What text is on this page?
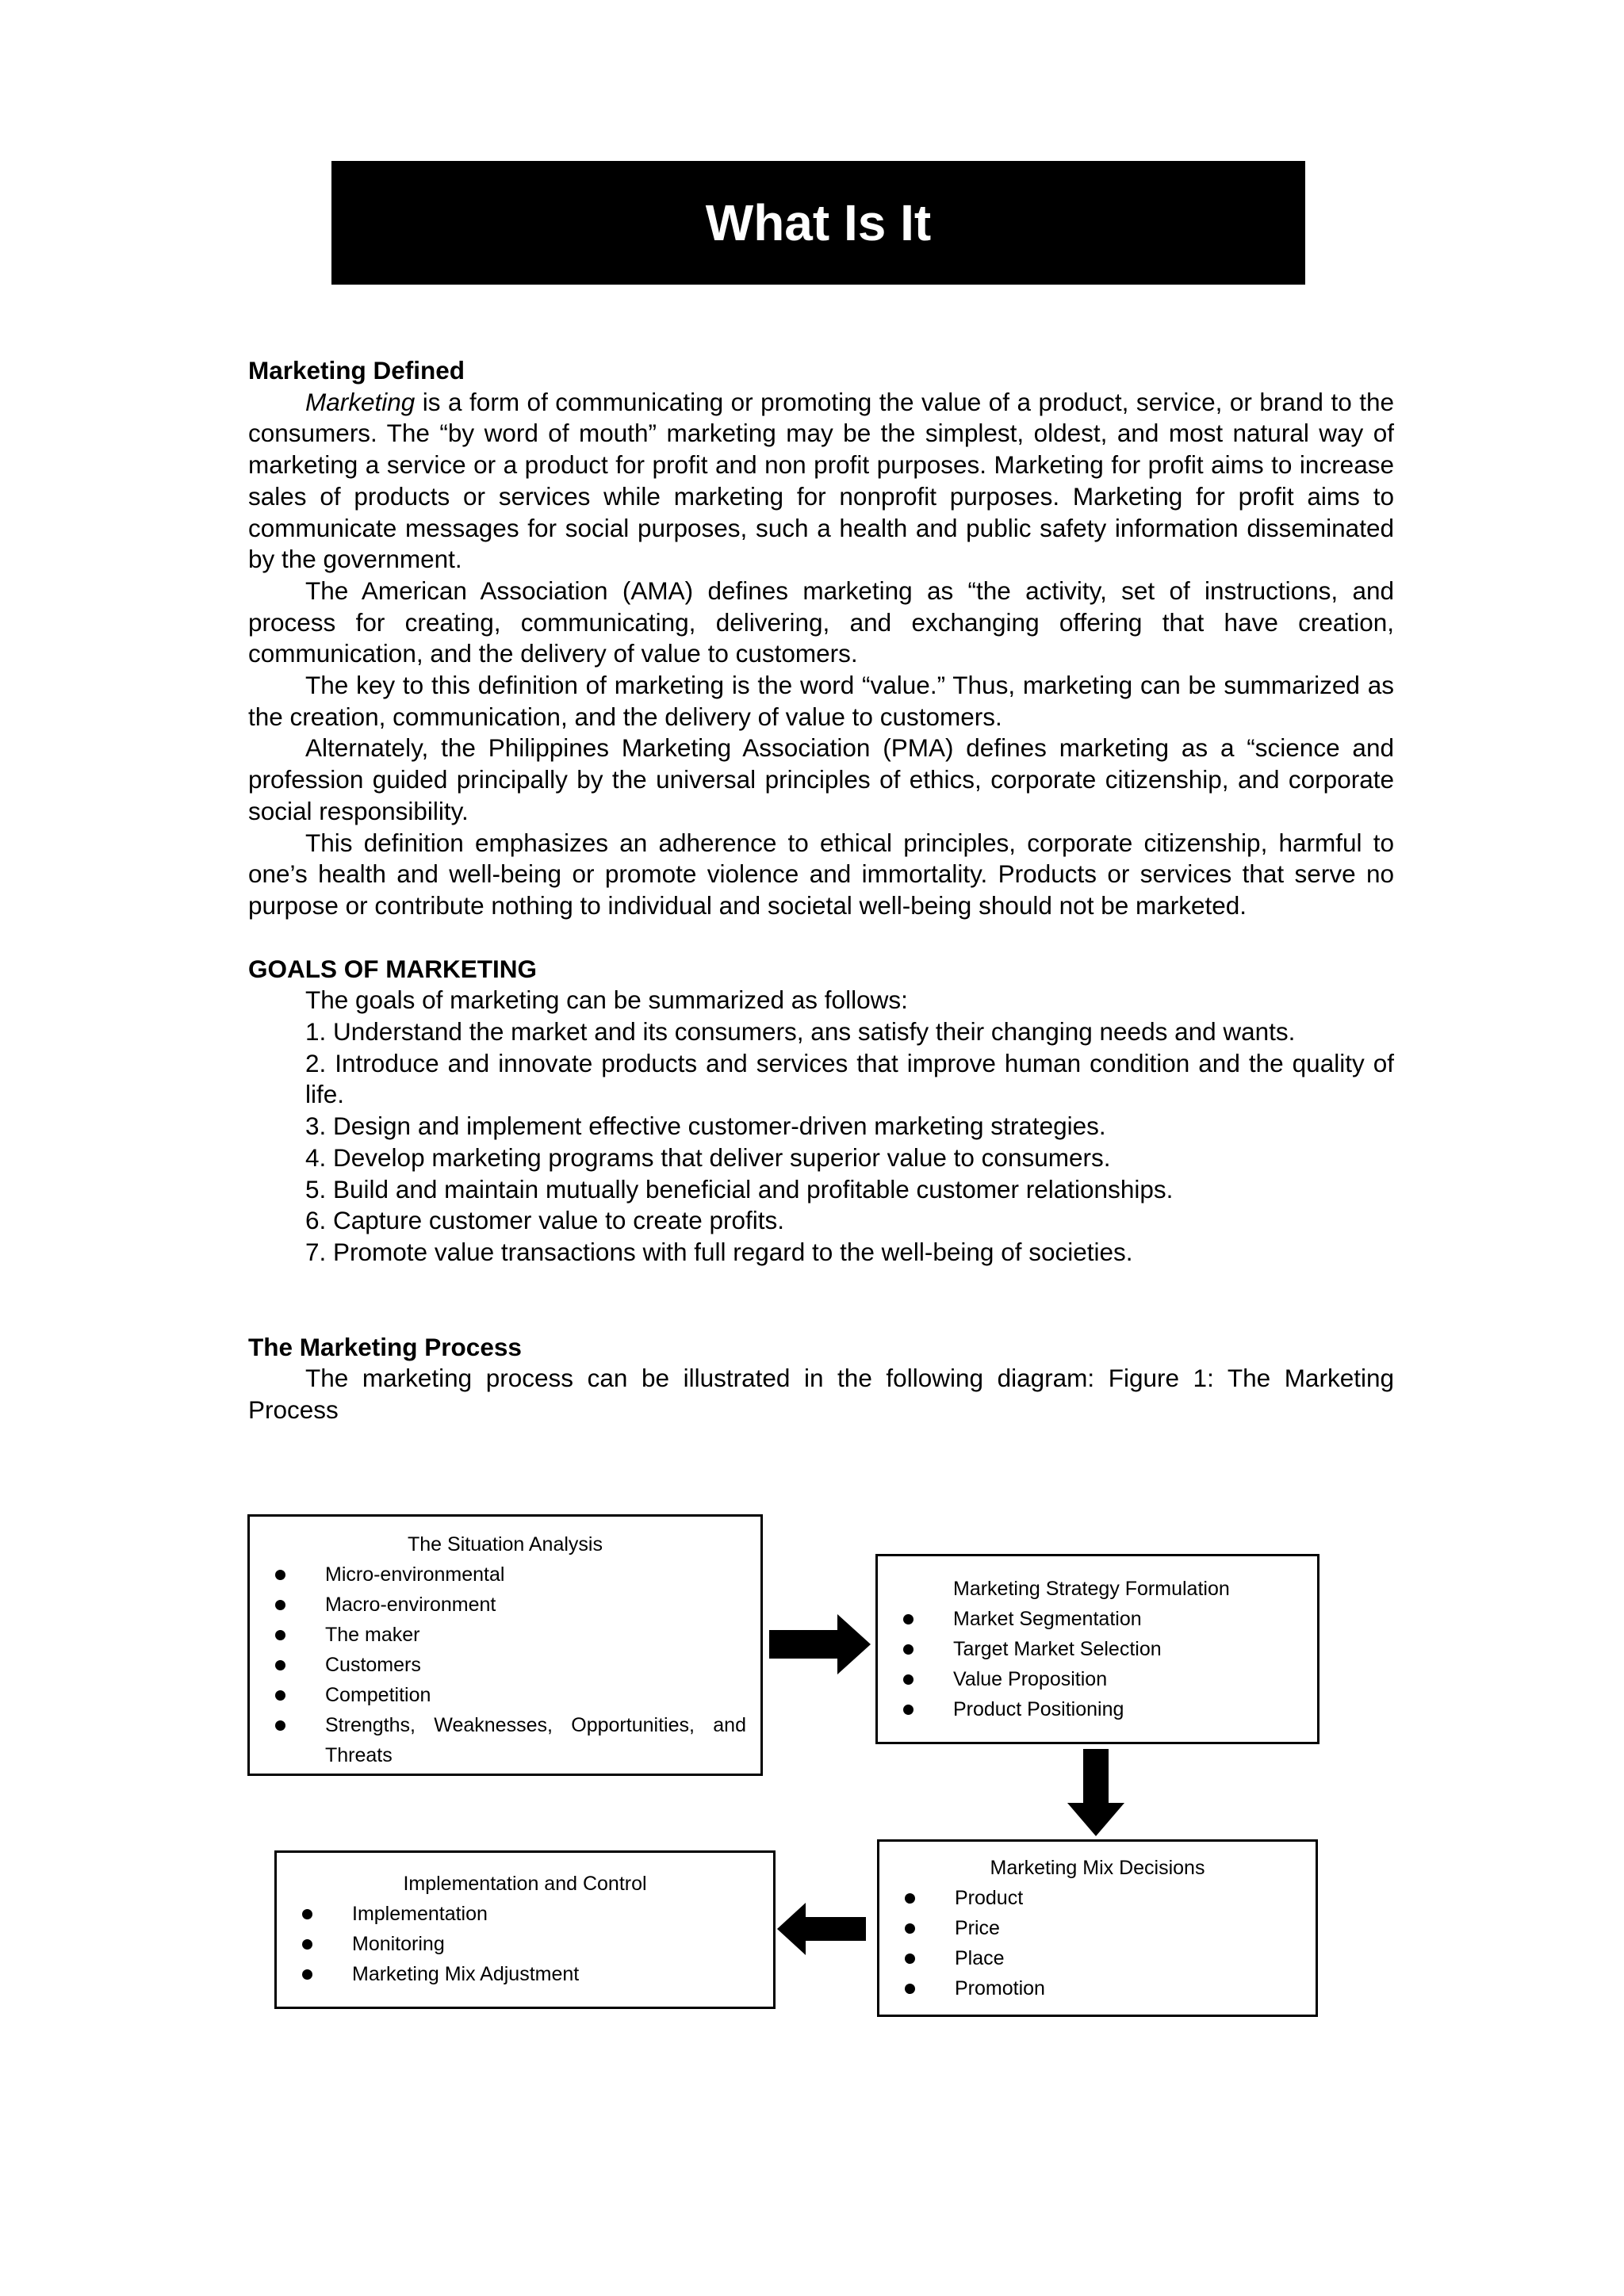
What Is It
Marketing Defined

Marketing is a form of communicating or promoting the value of a product, service, or brand to the consumers. The “by word of mouth” marketing may be the simplest, oldest, and most natural way of marketing a service or a product for profit and non profit purposes. Marketing for profit aims to increase sales of products or services while marketing for nonprofit purposes. Marketing for profit aims to communicate messages for social purposes, such a health and public safety information disseminated by the government.

The American Association (AMA) defines marketing as “the activity, set of instructions, and process for creating, communicating, delivering, and exchanging offering that have creation, communication, and the delivery of value to customers.

The key to this definition of marketing is the word “value.” Thus, marketing can be summarized as the creation, communication, and the delivery of value to customers.

Alternately, the Philippines Marketing Association (PMA) defines marketing as a “science and profession guided principally by the universal principles of ethics, corporate citizenship, and corporate social responsibility.

This definition emphasizes an adherence to ethical principles, corporate citizenship, harmful to one’s health and well-being or promote violence and immortality. Products or services that serve no purpose or contribute nothing to individual and societal well-being should not be marketed.

GOALS OF MARKETING

The goals of marketing can be summarized as follows:

1. Understand the market and its consumers, ans satisfy their changing needs and wants.
2. Introduce and innovate products and services that improve human condition and the quality of        life.
3. Design and implement effective customer-driven marketing strategies.
4. Develop marketing programs that deliver superior value to consumers.
5. Build and maintain mutually beneficial and profitable customer relationships.
6. Capture customer value to create profits.
7. Promote value transactions with full regard to the well-being of societies.
The Marketing Process

The marketing process can be illustrated in the following diagram: Figure 1: The Marketing Process

The Situation Analysis
Micro-environmental
Macro-environment
The maker
Customers
Competition
Strengths, Weaknesses, Opportunities, and
Threats
Marketing Strategy Formulation
Market Segmentation
Target Market Selection
Value Proposition
Product Positioning
Marketing Mix Decisions
Product
Price
Place
Promotion
Implementation and Control
Implementation
Monitoring
Marketing Mix Adjustment
